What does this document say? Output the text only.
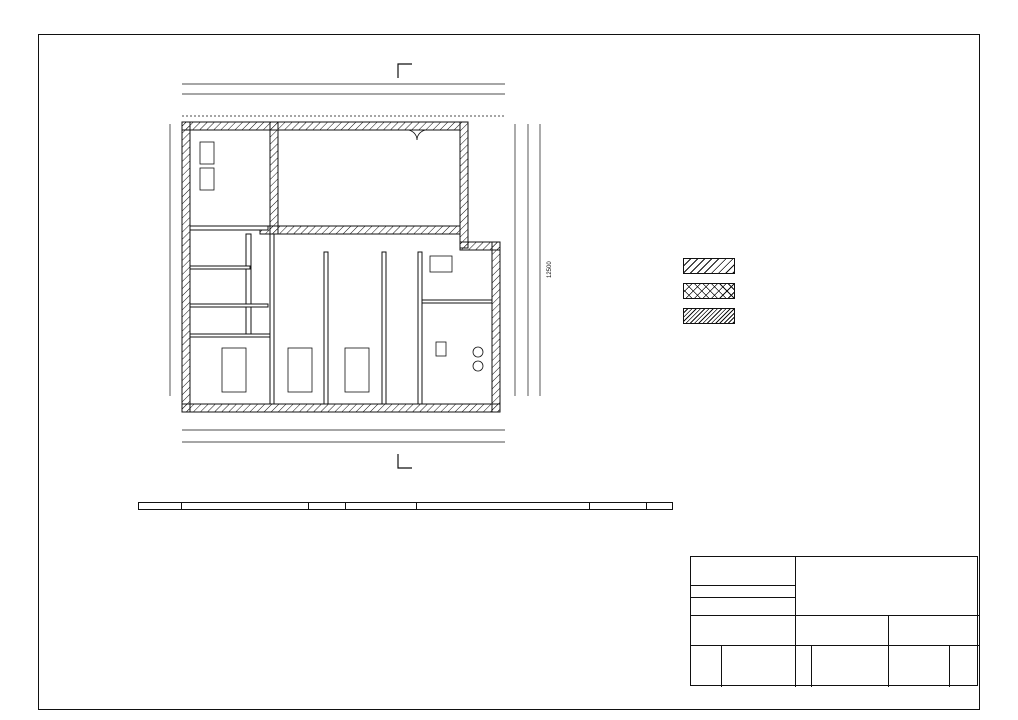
12500
